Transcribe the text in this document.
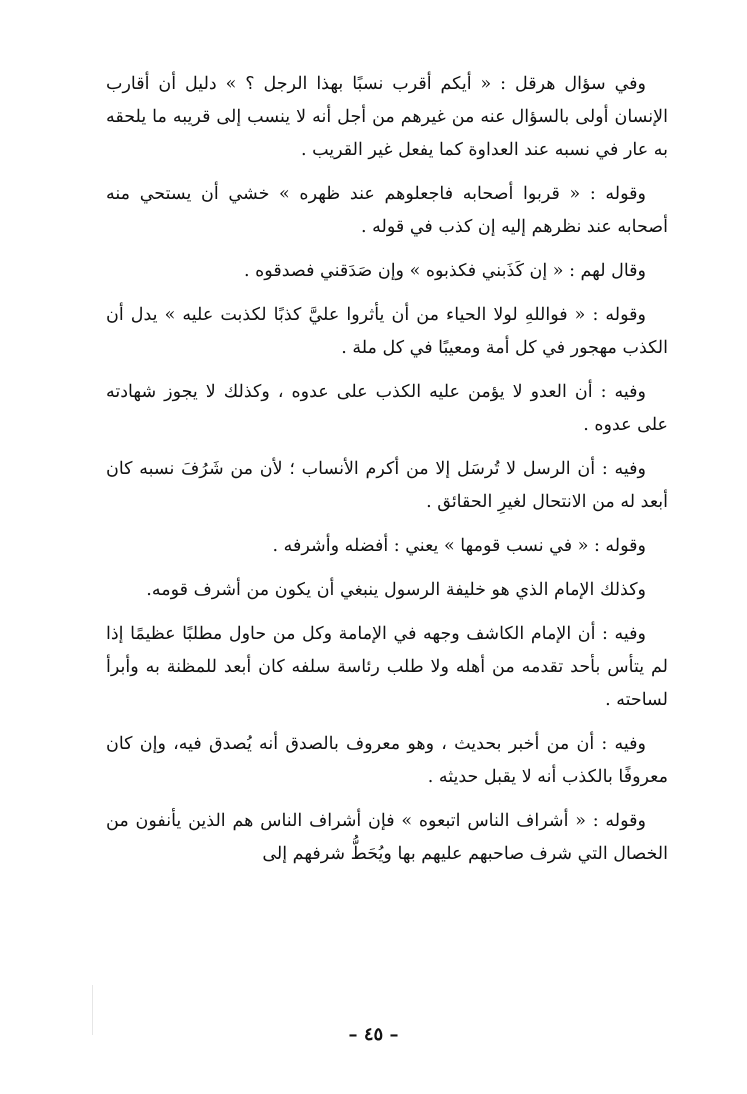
وفي سؤال هرقل : « أيكم أقرب نسبًا بهذا الرجل ؟ » دليل أن أقارب الإنسان أولى بالسؤال عنه من غيرهم من أجل أنه لا ينسب إلى قريبه ما يلحقه به عار في نسبه عند العداوة كما يفعل غير القريب .

وقوله : « قربوا أصحابه فاجعلوهم عند ظهره » خشي أن يستحي منه أصحابه عند نظرهم إليه إن كذب في قوله .

وقال لهم : « إن كَذَبني فكذبوه » وإن صَدَقني فصدقوه .

وقوله : « فواللهِ لولا الحياء من أن يأثروا عليَّ كذبًا لكذبت عليه » يدل أن الكذب مهجور في كل أمة ومعيبًا في كل ملة .

وفيه : أن العدو لا يؤمن عليه الكذب على عدوه ، وكذلك لا يجوز شهادته على عدوه .

وفيه : أن الرسل لا تُرسَل إلا من أكرم الأنساب ؛ لأن من شَرُفَ نسبه كان أبعد له من الانتحال لغيرِ الحقائق .

وقوله : « في نسب قومها » يعني : أفضله وأشرفه .

وكذلك الإمام الذي هو خليفة الرسول ينبغي أن يكون من أشرف قومه.

وفيه : أن الإمام الكاشف وجهه في الإمامة وكل من حاول مطلبًا عظيمًا إذا لم يتأس بأحد تقدمه من أهله ولا طلب رئاسة سلفه كان أبعد للمظنة به وأبرأ لساحته .

وفيه : أن من أخبر بحديث ، وهو معروف بالصدق أنه يُصدق فيه، وإن كان معروفًا بالكذب أنه لا يقبل حديثه .

وقوله : « أشراف الناس اتبعوه » فإن أشراف الناس هم الذين يأنفون من الخصال التي شرف صاحبهم عليهم بها ويُحَطُّ شرفهم إلى

– ٤٥ –
